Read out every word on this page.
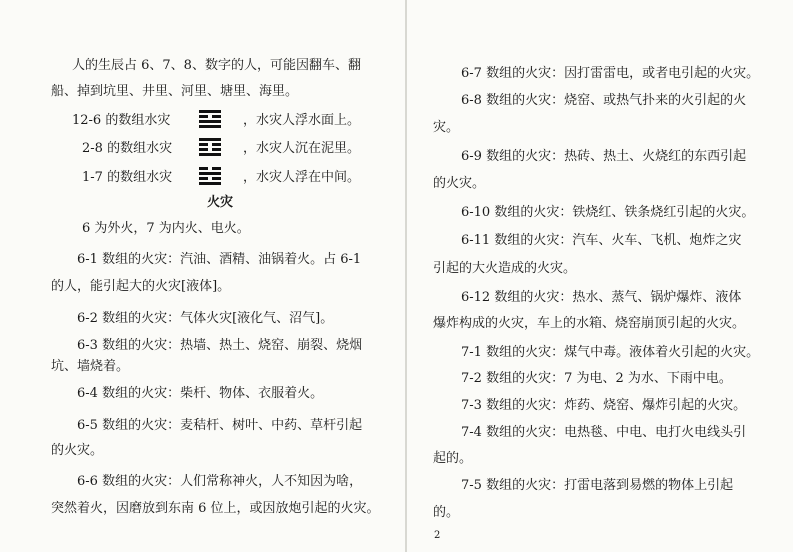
人的生辰占 6、7、8、数字的人，可能因翻车、翻
船、掉到坑里、井里、河里、塘里、海里。
12-6 的数组水灾	，水灾人浮水面上。
2-8 的数组水灾	，水灾人沉在泥里。
1-7 的数组水灾	，水灾人浮在中间。
火灾
6 为外火，7 为内火、电火。
6-1 数组的火灾：汽油、酒精、油锅着火。占 6-1
的人，能引起大的火灾[液体]。
6-2 数组的火灾：气体火灾[液化气、沼气]。
6-3 数组的火灾：热墙、热土、烧窑、崩裂、烧烟
坑、墙烧着。
6-4 数组的火灾：柴杆、物体、衣服着火。
6-5 数组的火灾：麦秸杆、树叶、中药、草杆引起
的火灾。
6-6 数组的火灾：人们常称神火，人不知因为啥，
突然着火，因磨放到东南 6 位上，或因放炮引起的火灾。
6-7 数组的火灾：因打雷雷电，或者电引起的火灾。
6-8 数组的火灾：烧窑、或热气扑来的火引起的火
灾。
6-9 数组的火灾：热砖、热土、火烧红的东西引起
的火灾。
6-10 数组的火灾：铁烧红、铁条烧红引起的火灾。
6-11 数组的火灾：汽车、火车、飞机、炮炸之灾
引起的大火造成的火灾。
6-12 数组的火灾：热水、蒸气、锅炉爆炸、液体
爆炸构成的火灾，车上的水箱、烧窑崩顶引起的火灾。
7-1 数组的火灾：煤气中毒。液体着火引起的火灾。
7-2 数组的火灾：7 为电、2 为水、下雨中电。
7-3 数组的火灾：炸药、烧窑、爆炸引起的火灾。
7-4 数组的火灾：电热毯、中电、电打火电线头引
起的。
7-5 数组的火灾：打雷电落到易燃的物体上引起
的。
2
